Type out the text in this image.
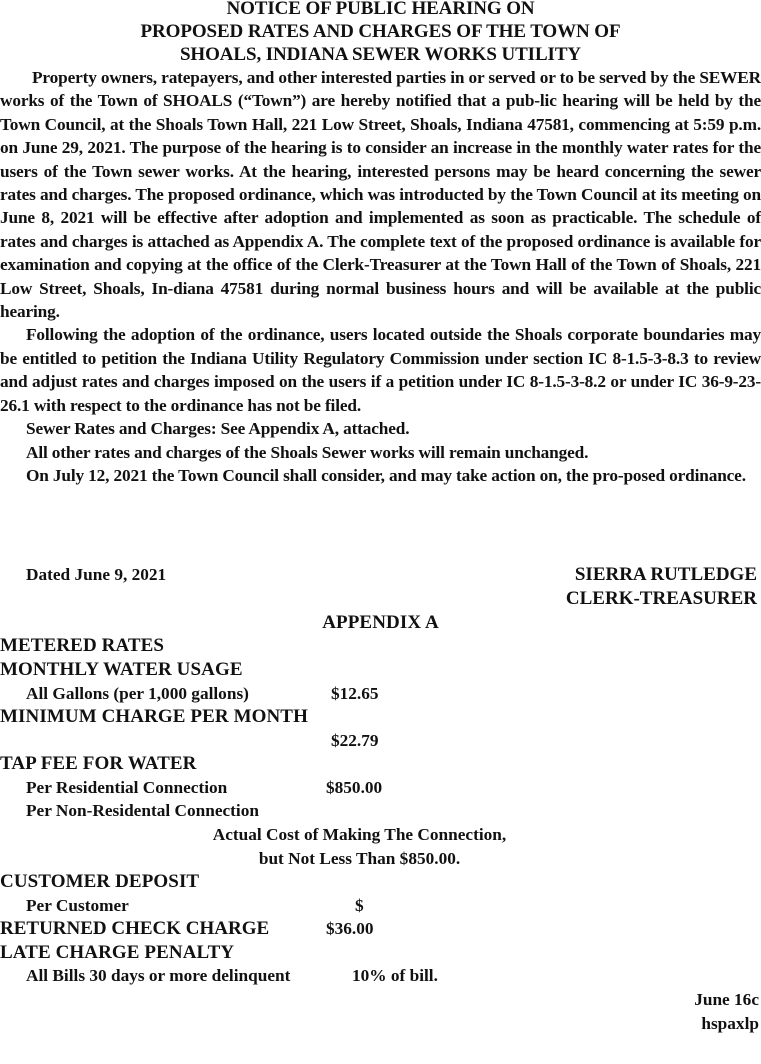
NOTICE OF PUBLIC HEARING ON
PROPOSED RATES AND CHARGES OF THE TOWN OF
SHOALS, INDIANA SEWER WORKS UTILITY

Property owners, ratepayers, and other interested parties in or served or to be served by the SEWER works of the Town of SHOALS (“Town”) are hereby notified that a pub-lic hearing will be held by the Town Council, at the Shoals Town Hall, 221 Low Street, Shoals, Indiana 47581, commencing at 5:59 p.m. on June 29, 2021. The purpose of the hearing is to consider an increase in the monthly water rates for the users of the Town sewer works. At the hearing, interested persons may be heard concerning the sewer rates and charges. The proposed ordinance, which was introducted by the Town Council at its meeting on June 8, 2021 will be effective after adoption and implemented as soon as practicable. The schedule of rates and charges is attached as Appendix A. The complete text of the proposed ordinance is available for examination and copying at the office of the Clerk-Treasurer at the Town Hall of the Town of Shoals, 221 Low Street, Shoals, In-diana 47581 during normal business hours and will be available at the public hearing.

Following the adoption of the ordinance, users located outside the Shoals corporate boundaries may be entitled to petition the Indiana Utility Regulatory Commission under section IC 8-1.5-3-8.3 to review and adjust rates and charges imposed on the users if a petition under IC 8-1.5-3-8.2 or under IC 36-9-23-26.1 with respect to the ordinance has not be filed.

Sewer Rates and Charges: See Appendix A, attached.

All other rates and charges of the Shoals Sewer works will remain unchanged.

On July 12, 2021 the Town Council shall consider, and may take action on, the pro-posed ordinance.

Dated June 9, 2021	SIERRA RUTLEDGE
CLERK-TREASURER
APPENDIX A
METERED RATES
MONTHLY WATER USAGE
All Gallons (per 1,000 gallons)	$12.65
MINIMUM CHARGE PER MONTH
$22.79
TAP FEE FOR WATER
Per Residential Connection	$850.00
Per Non-Residental Connection
Actual Cost of Making The Connection,
but Not Less Than $850.00.
CUSTOMER DEPOSIT
Per Customer	$
RETURNED CHECK CHARGE	$36.00
LATE CHARGE PENALTY
All Bills 30 days or more delinquent	10% of bill.
June 16c
hspaxlp
